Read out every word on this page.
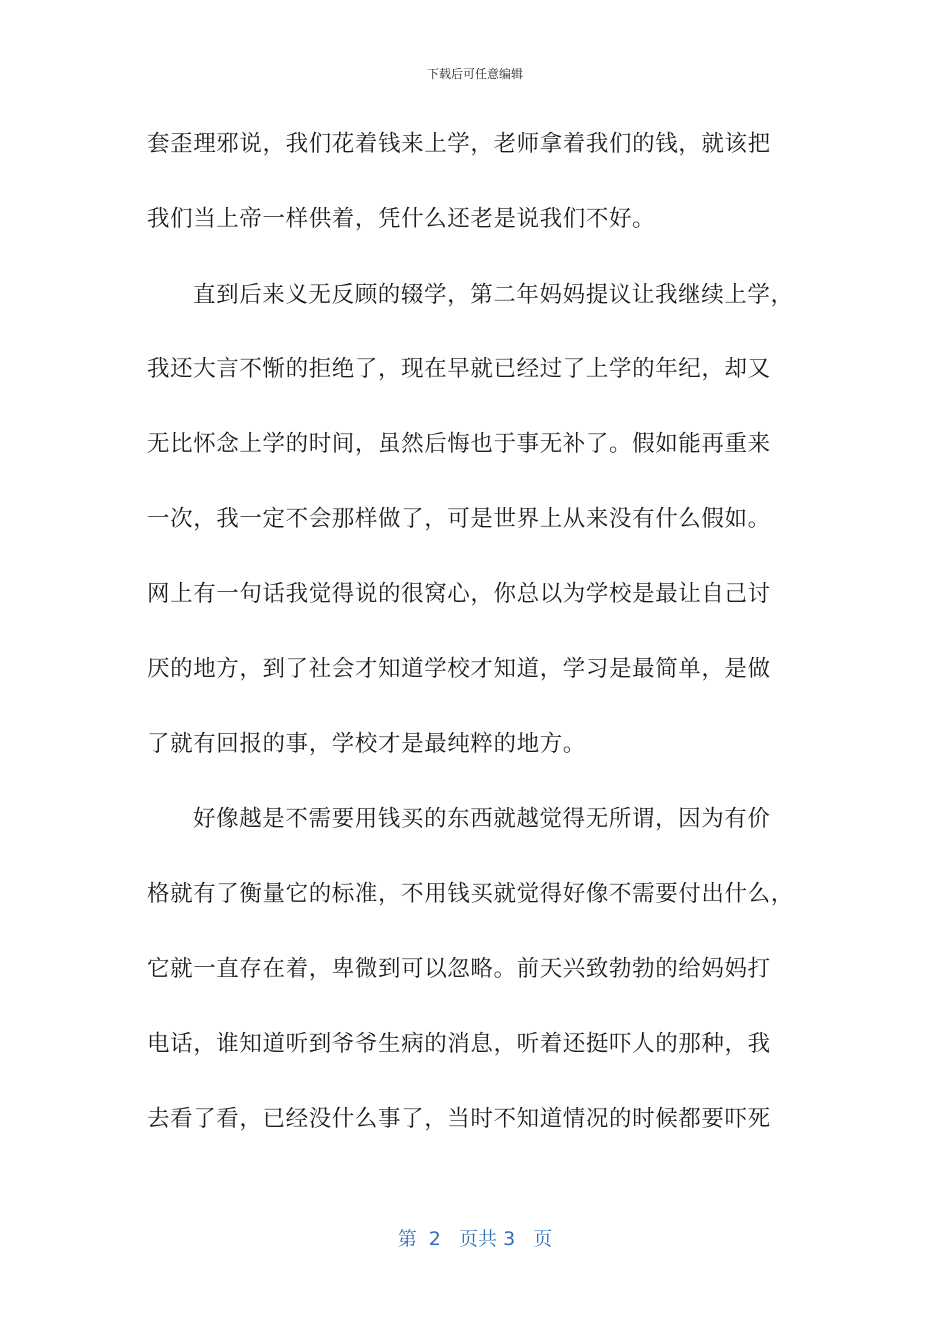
下载后可任意编辑
套歪理邪说，我们花着钱来上学，老师拿着我们的钱，就该把
我们当上帝一样供着，凭什么还老是说我们不好。
直到后来义无反顾的辍学，第二年妈妈提议让我继续上学，
我还大言不惭的拒绝了，现在早就已经过了上学的年纪，却又
无比怀念上学的时间，虽然后悔也于事无补了。假如能再重来
一次，我一定不会那样做了，可是世界上从来没有什么假如。
网上有一句话我觉得说的很窝心，你总以为学校是最让自己讨
厌的地方，到了社会才知道学校才知道，学习是最简单，是做
了就有回报的事，学校才是最纯粹的地方。
好像越是不需要用钱买的东西就越觉得无所谓，因为有价
格就有了衡量它的标准，不用钱买就觉得好像不需要付出什么，
它就一直存在着，卑微到可以忽略。前天兴致勃勃的给妈妈打
电话，谁知道听到爷爷生病的消息，听着还挺吓人的那种，我
去看了看，已经没什么事了，当时不知道情况的时候都要吓死
第 2 页共 3 页
